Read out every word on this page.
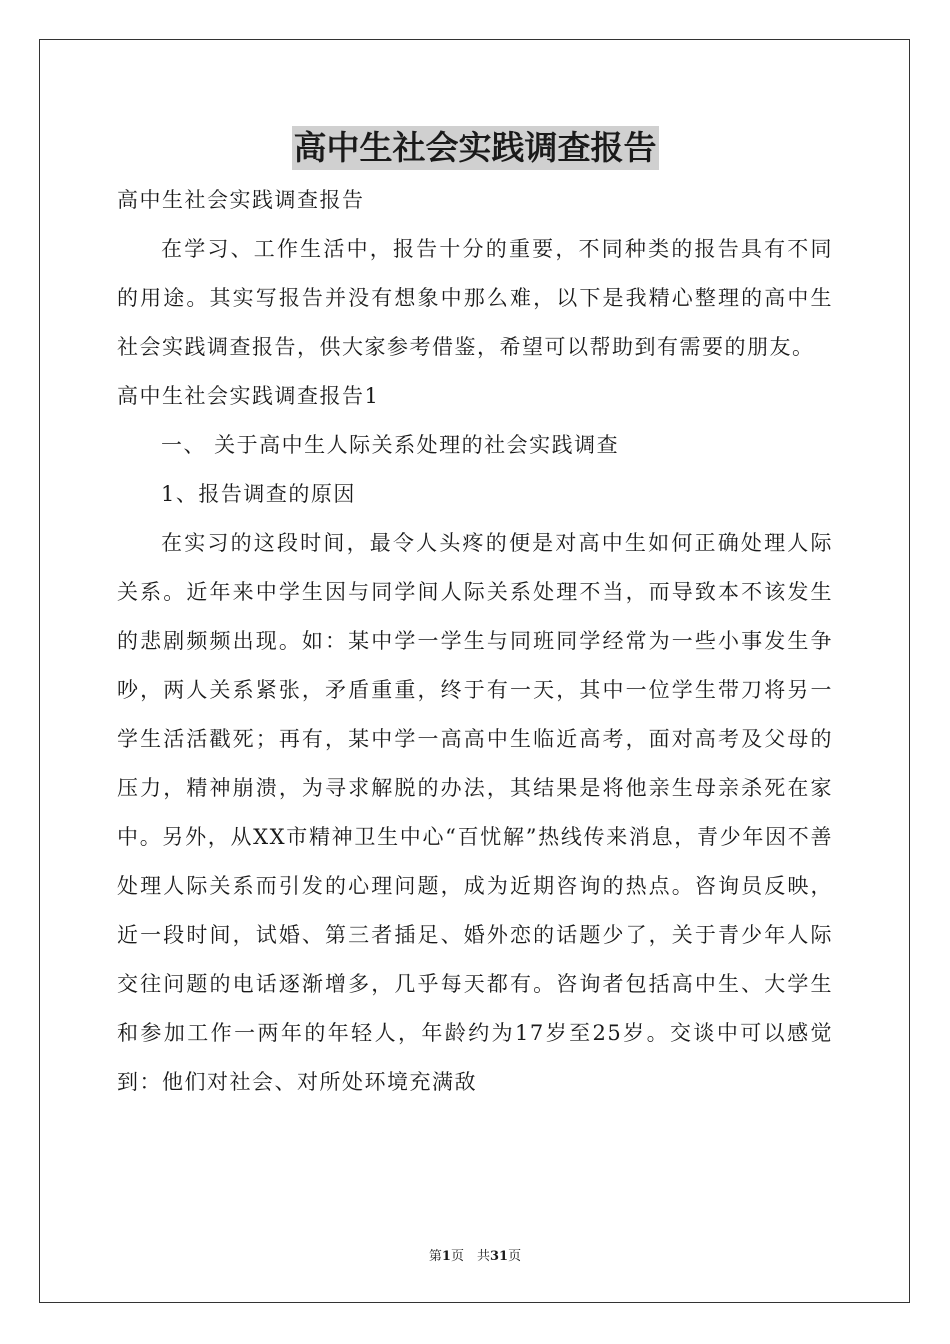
高中生社会实践调查报告

高中生社会实践调查报告

在学习、工作生活中，报告十分的重要，不同种类的报告具有不同的用途。其实写报告并没有想象中那么难，以下是我精心整理的高中生社会实践调查报告，供大家参考借鉴，希望可以帮助到有需要的朋友。

高中生社会实践调查报告1

一、 关于高中生人际关系处理的社会实践调查

1、报告调查的原因

在实习的这段时间，最令人头疼的便是对高中生如何正确处理人际关系。近年来中学生因与同学间人际关系处理不当，而导致本不该发生的悲剧频频出现。如：某中学一学生与同班同学经常为一些小事发生争吵，两人关系紧张，矛盾重重，终于有一天，其中一位学生带刀将另一学生活活戳死；再有，某中学一高高中生临近高考，面对高考及父母的压力，精神崩溃，为寻求解脱的办法，其结果是将他亲生母亲杀死在家中。另外，从XX市精神卫生中心“百忧解”热线传来消息，青少年因不善处理人际关系而引发的心理问题，成为近期咨询的热点。咨询员反映，近一段时间，试婚、第三者插足、婚外恋的话题少了，关于青少年人际交往问题的电话逐渐增多，几乎每天都有。咨询者包括高中生、大学生和参加工作一两年的年轻人，年龄约为17岁至25岁。交谈中可以感觉到：他们对社会、对所处环境充满敌

第1页　共31页
